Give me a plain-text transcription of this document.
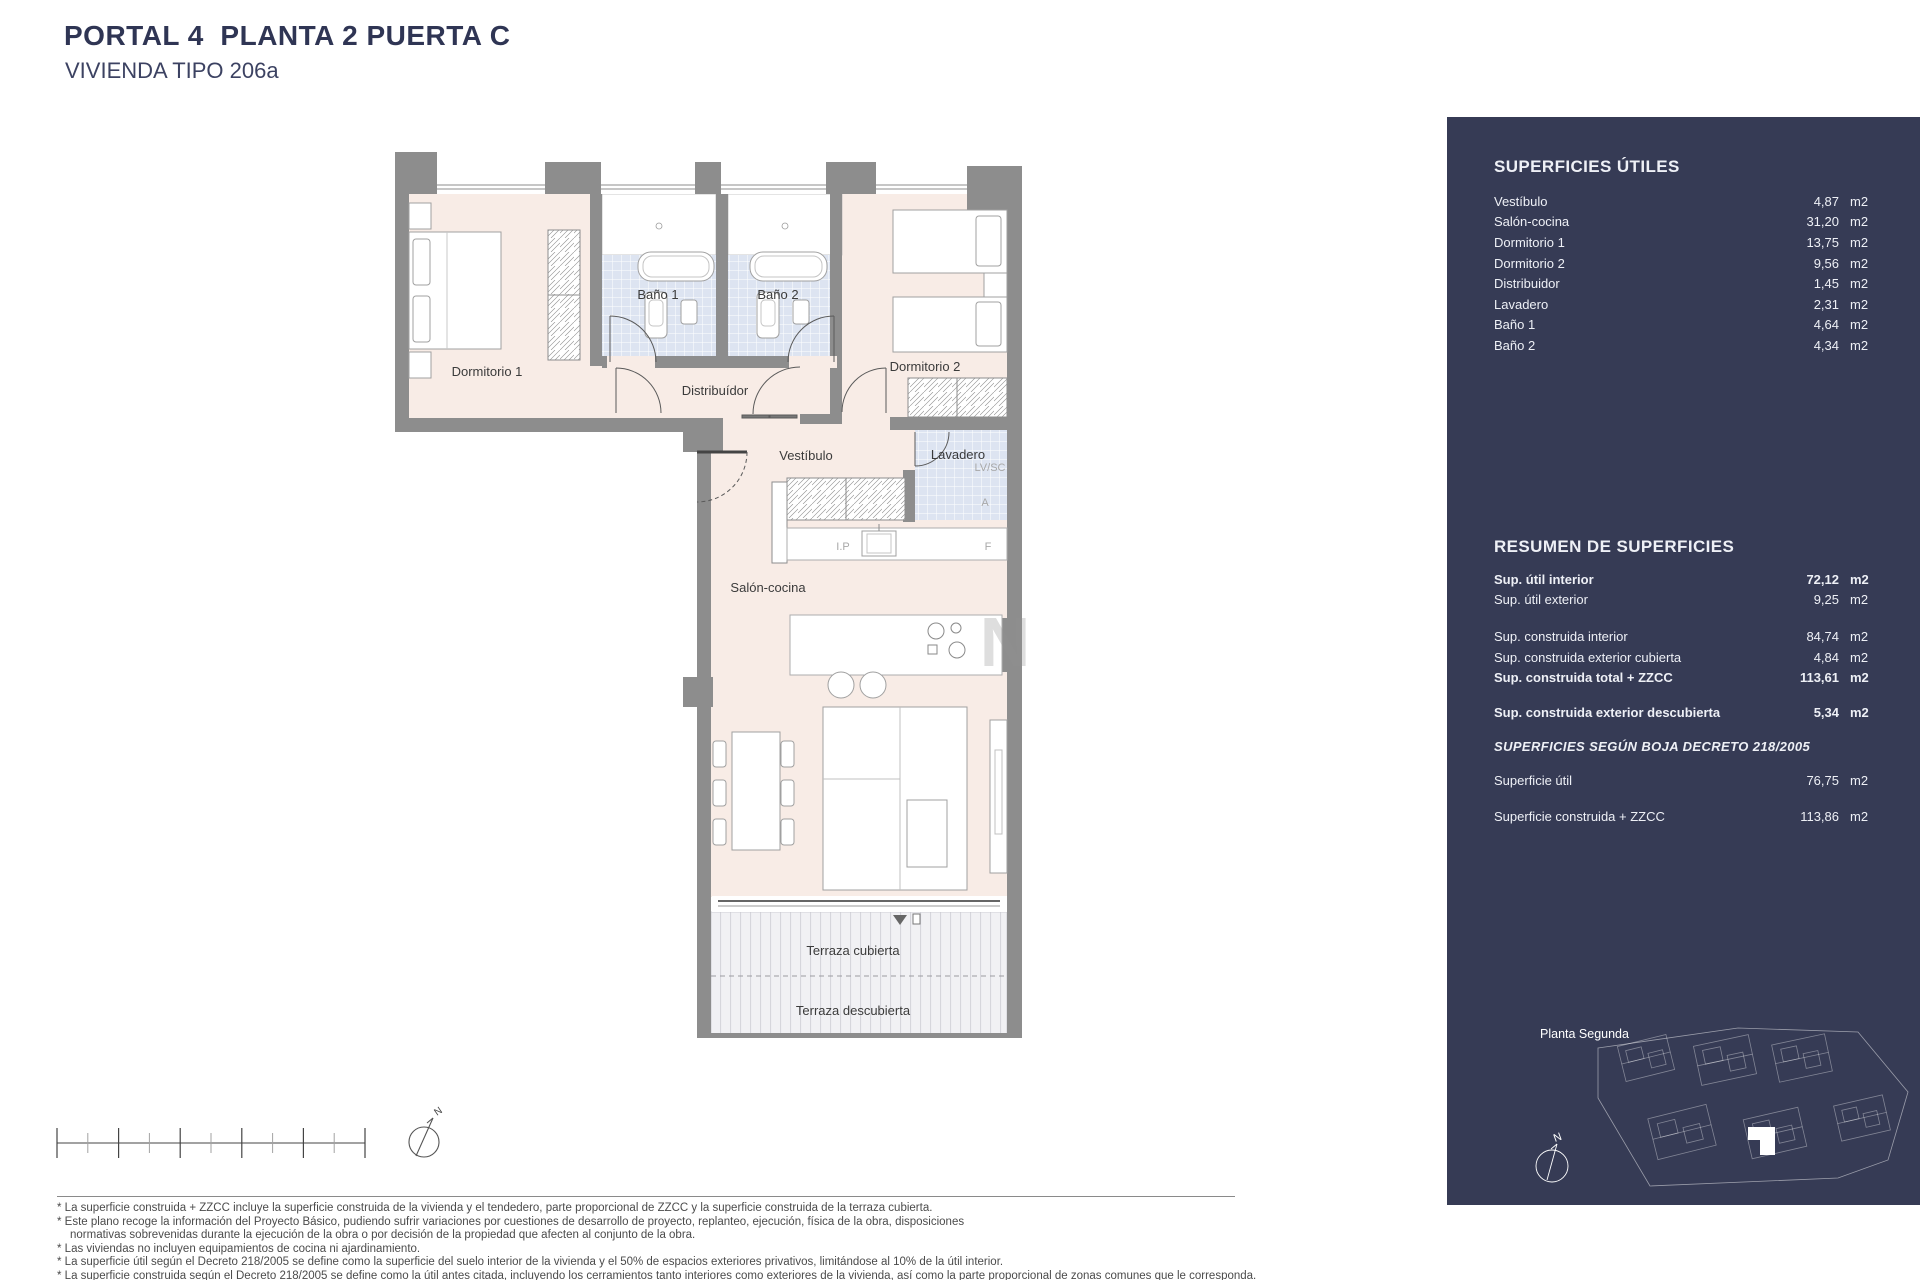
PORTAL 4  PLANTA 2 PUERTA C
VIVIENDA TIPO 206a
Dormitorio 1
Baño 1	Baño 2
Dormitorio 2
Distribuídor
Vestíbulo	Lavadero
Salón-cocina
Terraza cubierta
Terraza descubierta
LV/SC
A
I.P	F
N
N
SUPERFICIES ÚTILES
Vestíbulo	4,87 m2
Salón-cocina	31,20 m2
Dormitorio 1	13,75 m2
Dormitorio 2	9,56 m2
Distribuidor	1,45 m2
Lavadero	2,31 m2
Baño 1	4,64 m2
Baño 2	4,34 m2
RESUMEN DE SUPERFICIES
Sup. útil interior	72,12 m2
Sup. útil exterior	9,25 m2
Sup. construida interior	84,74 m2
Sup. construida exterior cubierta	4,84 m2
Sup. construida total + ZZCC	113,61 m2
Sup. construida exterior descubierta	5,34 m2
SUPERFICIES SEGÚN BOJA DECRETO 218/2005
Superficie útil	76,75 m2
Superficie construida + ZZCC	113,86 m2
Planta Segunda
N
* La superficie construida + ZZCC incluye la superficie construida de la vivienda y el tendedero, parte proporcional de ZZCC y la superficie construida de la terraza cubierta.
* Este plano recoge la información del Proyecto Básico, pudiendo sufrir variaciones por cuestiones de desarrollo de proyecto, replanteo, ejecución, física de la obra, disposiciones
normativas sobrevenidas durante la ejecución de la obra o por decisión de la propiedad que afecten al conjunto de la obra.
* Las viviendas no incluyen equipamientos de cocina ni ajardinamiento.
* La superficie útil según el Decreto 218/2005 se define como la superficie del suelo interior de la vivienda y el 50% de espacios exteriores privativos, limitándose al 10% de la útil interior.
* La superficie construida según el Decreto 218/2005 se define como la útil antes citada, incluyendo los cerramientos tanto interiores como exteriores de la vivienda, así como la parte proporcional de zonas comunes que le corresponda.
